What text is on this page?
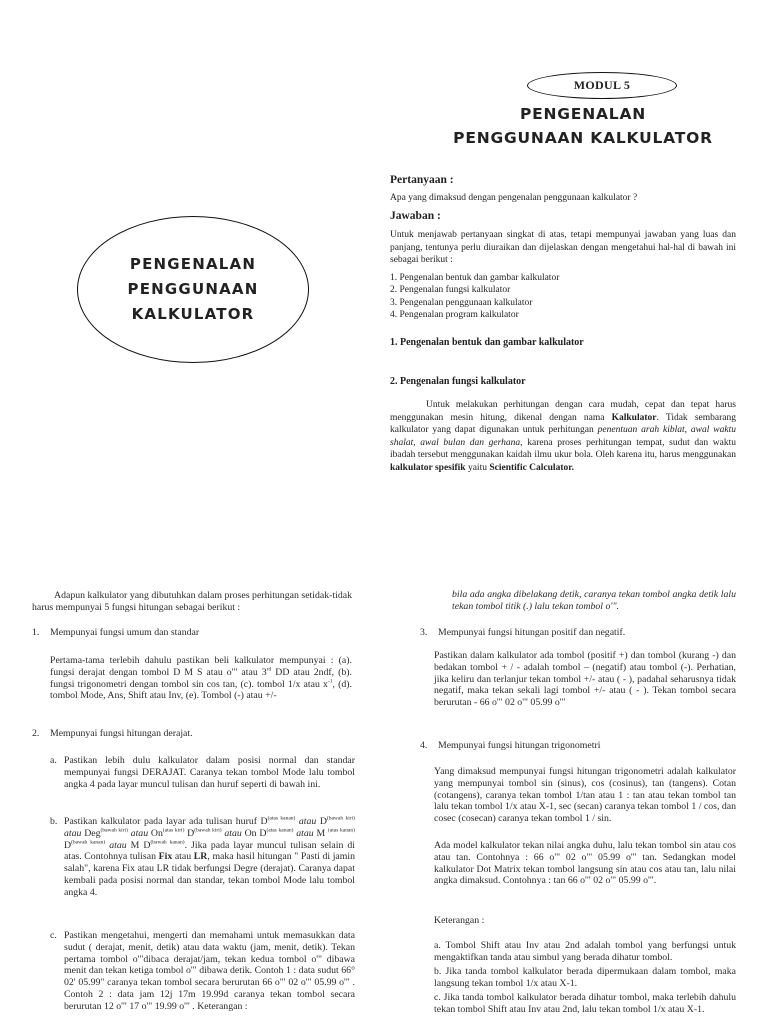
MODUL 5
PENGENALAN
PENGGUNAAN KALKULATOR
PENGENALAN
PENGGUNAAN
KALKULATOR
Pertanyaan :
Apa yang dimaksud dengan pengenalan penggunaan kalkulator ?
Jawaban :
Untuk menjawab pertanyaan singkat di atas, tetapi mempunyai jawaban yang luas dan panjang, tentunya perlu diuraikan dan dijelaskan dengan mengetahui hal-hal di bawah ini sebagai berikut :
1. Pengenalan bentuk dan gambar kalkulator
2. Pengenalan fungsi kalkulator
3. Pengenalan penggunaan kalkulator
4. Pengenalan program kalkulator
1. Pengenalan bentuk dan gambar kalkulator
2. Pengenalan fungsi kalkulator
Untuk melakukan perhitungan dengan cara mudah, cepat dan tepat harus menggunakan mesin hitung, dikenal dengan nama Kalkulator. Tidak sembarang kalkulator yang dapat digunakan untuk perhitungan penentuan arah kiblat, awal waktu shalat, awal bulan dan gerhana, karena proses perhitungan tempat, sudut dan waktu ibadah tersebut menggunakan kaidah ilmu ukur bola. Oleh karena itu, harus menggunakan kalkulator spesifik yaitu Scientific Calculator.
Adapun kalkulator yang dibutuhkan dalam proses perhitungan setidak-tidak harus mempunyai 5 fungsi hitungan sebagai berikut :
1. Mempunyai fungsi umum dan standar
Pertama-tama terlebih dahulu pastikan beli kalkulator mempunyai : (a). fungsi derajat dengan tombol D M S atau o'" atau 3rd DD atau 2ndf, (b). fungsi trigonometri dengan tombol sin cos tan, (c). tombol 1/x atau $x^{-1}$, (d). tombol Mode, Ans, Shift atau Inv, (e). Tombol (-) atau +/-
2. Mempunyai fungsi hitungan derajat.
a. Pastikan lebih dulu kalkulator dalam posisi normal dan standar mempunyai fungsi DERAJAT. Caranya tekan tombol Mode lalu tombol angka 4 pada layar muncul tulisan dan huruf seperti di bawah ini.
b. Pastikan kalkulator pada layar ada tulisan huruf $D^{(atas kanan)}$ atau $D^{(bawah kiri)}$ atau Deg$^{(bawah kiri)}$ atau $On^{(atas kiri)}$ $D^{(bawah kiri)}$ atau On $D^{(atas kanan)}$ atau M $^{(atas kanan)}$ $D^{(bawah kanan)}$ atau M $D^{(bawah kanan)}$. Jika pada layar muncul tulisan selain di atas. Contohnya tulisan Fix atau LR, maka hasil hitungan " Pasti di jamin salah", karena Fix atau LR tidak berfungsi Degre (derajat). Caranya dapat kembali pada posisi normal dan standar, tekan tombol Mode lalu tombol angka 4.
c. Pastikan mengetahui, mengerti dan memahami untuk memasukkan data sudut ( derajat, menit, detik) atau data waktu (jam, menit, detik). Tekan pertama tombol o'"dibaca derajat/jam, tekan kedua tombol o'" dibawa menit dan tekan ketiga tombol o'" dibawa detik. Contoh 1 : data sudut 66° 02' 05.99" caranya tekan tombol secara berurutan 66 o'" 02 o'" 05.99 o'" . Contoh 2 : data jam 12j 17m 19.99d caranya tekan tombol secara berurutan 12 o'" 17 o'" 19.99 o'" . Keterangan :
bila ada angka dibelakang detik, caranya tekan tombol angka detik lalu tekan tombol titik (.) lalu tekan tombol o'".
3. Mempunyai fungsi hitungan positif dan negatif.
Pastikan dalam kalkulator ada tombol (positif +) dan tombol (kurang -) dan bedakan tombol + / - adalah tombol – (negatif) atau tombol (-). Perhatian, jika keliru dan terlanjur tekan tombol +/- atau ( - ), padahal seharusnya tidak negatif, maka tekan sekali lagi tombol +/- atau ( - ). Tekan tombol secara berurutan - 66 o'" 02 o'" 05.99 o'"
4. Mempunyai fungsi hitungan trigonometri
Yang dimaksud mempunyai fungsi hitungan trigonometri adalah kalkulator yang mempunyai tombol sin (sinus), cos (cosinus), tan (tangens). Cotan (cotangens), caranya tekan tombol 1/tan atau 1 : tan atau tekan tombol tan lalu tekan tombol 1/x atau X-1, sec (secan) caranya tekan tombol 1 / cos, dan cosec (cosecan) caranya tekan tombol 1 / sin.
Ada model kalkulator tekan nilai angka duhu, lalu tekan tombol sin atau cos atau tan. Contohnya : 66 o'" 02 o'" 05.99 o'" tan. Sedangkan model kalkulator Dot Matrix tekan tombol langsung sin atau cos atau tan, lalu nilai angka dimaksud. Contohnya : tan 66 o'" 02 o'" 05.99 o'".
Keterangan :
a. Tombol Shift atau Inv atau 2nd adalah tombol yang berfungsi untuk mengaktifkan tanda atau simbul yang berada dihatur tombol.
b. Jika tanda tombol kalkulator berada dipermukaan dalam tombol, maka langsung tekan tombol 1/x atau X-1.
c. Jika tanda tombol kalkulator berada dihatur tombol, maka terlebih dahulu tekan tombol Shift atau Inv atau 2nd, lalu tekan tombol 1/x atau X-1.
